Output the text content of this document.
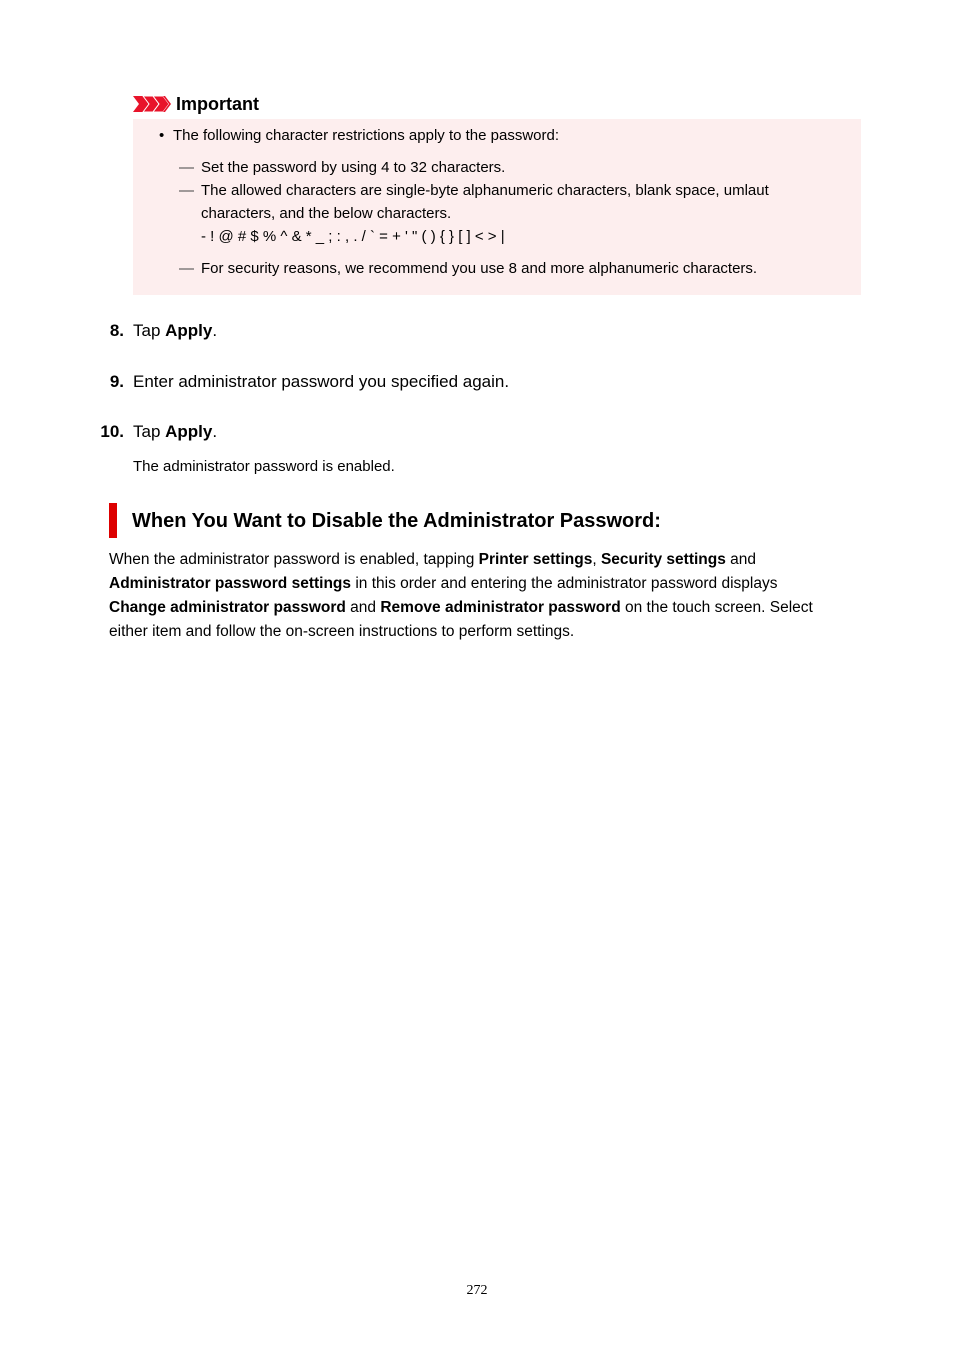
Important
• The following character restrictions apply to the password:
― Set the password by using 4 to 32 characters.
― The allowed characters are single-byte alphanumeric characters, blank space, umlaut
characters, and the below characters.
- ! @ # $ % ^ & * _ ; : , . / ` = + ' " ( ) { } [ ] < > |
― For security reasons, we recommend you use 8 and more alphanumeric characters.
8. Tap Apply.
9. Enter administrator password you specified again.
10. Tap Apply.
The administrator password is enabled.
When You Want to Disable the Administrator Password:
When the administrator password is enabled, tapping Printer settings, Security settings and
Administrator password settings in this order and entering the administrator password displays
Change administrator password and Remove administrator password on the touch screen. Select
either item and follow the on-screen instructions to perform settings.
272
